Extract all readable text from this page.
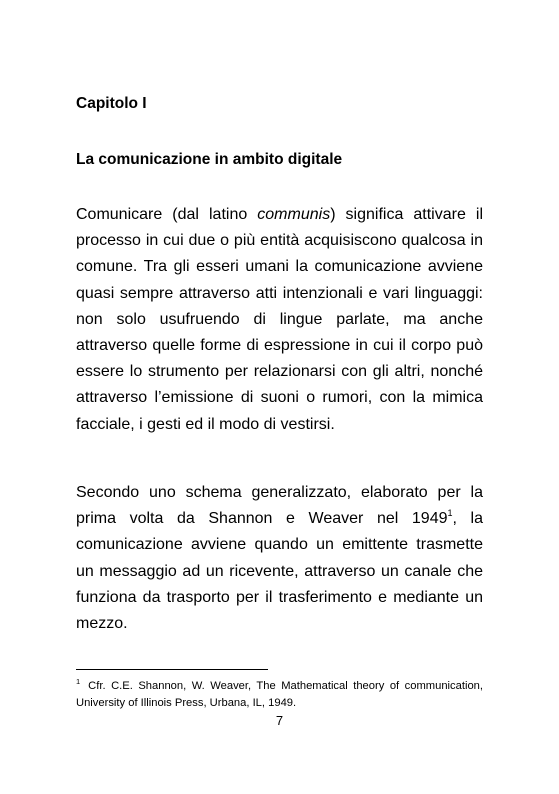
Capitolo I
La comunicazione in ambito digitale

Comunicare (dal latino communis) significa attivare il processo in cui due o più entità acquisiscono qualcosa in comune. Tra gli esseri umani la comunicazione avviene quasi sempre attraverso atti intenzionali e vari linguaggi: non solo usufruendo di lingue parlate, ma anche attraverso quelle forme di espressione in cui il corpo può essere lo strumento per relazionarsi con gli altri, nonché attraverso l’emissione di suoni o rumori, con la mimica facciale, i gesti ed il modo di vestirsi.

Secondo uno schema generalizzato, elaborato per la prima volta da Shannon e Weaver nel 1949$^1$, la comunicazione avviene quando un emittente trasmette un messaggio ad un ricevente, attraverso un canale che funziona da trasporto per il trasferimento e mediante un mezzo.

$^1$ Cfr. C.E. Shannon, W. Weaver, The Mathematical theory of communication, University of Illinois Press, Urbana, IL, 1949.

7
